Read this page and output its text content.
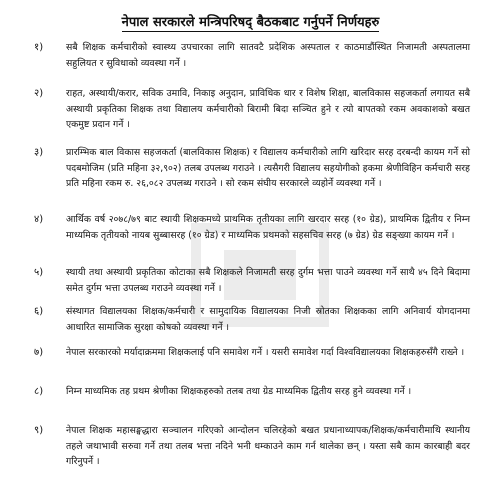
नेपाल सरकारले मन्त्रिपरिषद् बैठकबाट गर्नुपर्ने निर्णयहरु
१) सबै शिक्षक कर्मचारीको स्वास्थ्य उपचारका लागि सातवटै प्रदेशिक अस्पताल र काठमाडौंस्थित निजामती अस्पतालमा सहुलियत र सुविधाको व्यवस्था गर्ने ।
२) राहत, अस्थायी/करार, सविक उमावि, निकाइ अनुदान, प्राविधिक धार र विशेष शिक्षा, बालविकास सहजकर्ता लगायत सबै अस्थायी प्रकृतिका शिक्षक तथा विद्यालय कर्मचारीको बिरामी बिदा सञ्चित हुने र त्यो बापतको रकम अवकाशको बखत एकमुष्ट प्रदान गर्ने ।
३) प्रारम्भिक बाल विकास सहजकर्ता (बालविकास शिक्षक) र विद्यालय कर्मचारीको लागि खरिदार सरह दरबन्दी कायम गर्ने सो पदबमोजिम (प्रति महिना ३२,९०२) तलब उपलब्ध गराउने । त्यसैगरी विद्यालय सहयोगीको हकमा श्रेणीविहिन कर्मचारी सरह प्रति महिना रकम रु. २६,०८२ उपलब्ध गराउने । सो रकम संघीय सरकारले व्यहोर्ने व्यवस्था गर्ने ।
४) आर्थिक वर्ष २०७८/७९ बाट स्थायी शिक्षकमध्ये प्राथमिक तृतीयका लागि खरदार सरह (१० ग्रेड), प्राथमिक द्वितीय र निम्न माध्यमिक तृतीयको नायब सुब्बासरह (१० ग्रेड) र माध्यमिक प्रथमको सहसचिव सरह (७ ग्रेड) ग्रेड सङ्ख्या कायम गर्ने ।
५) स्थायी तथा अस्थायी प्रकृतिका कोटाका सबै शिक्षकले निजामती सरह दुर्गम भत्ता पाउने व्यवस्था गर्ने साथै ४५ दिने बिदामा समेत दुर्गम भत्ता उपलब्ध गराउने व्यवस्था गर्ने ।
६) संस्थागत विद्यालयका शिक्षक/कर्मचारी र सामुदायिक विद्यालयका निजी स्रोतका शिक्षकका लागि अनिवार्य योगदानमा आधारित सामाजिक सुरक्षा कोषको व्यवस्था गर्ने ।
७) नेपाल सरकारको मर्यादाक्रममा शिक्षकलाई पनि समावेश गर्ने । यसरी समावेश गर्दा विश्वविद्यालयका शिक्षकहरुसँगै राख्ने ।
८) निम्न माध्यमिक तह प्रथम श्रेणीका शिक्षकहरुको तलब तथा ग्रेड माध्यमिक द्वितीय सरह हुने व्यवस्था गर्ने ।
९) नेपाल शिक्षक महासङ्घद्धारा सञ्चालन गरिएको आन्दोलन चलिरहेको बखत प्रधानाध्यापक/शिक्षक/कर्मचारीमाथि स्थानीय तहले जथाभावी सरुवा गर्ने तथा तलब भत्ता नदिने भनी धम्काउने काम गर्न थालेका छन् । यस्ता सबै काम कारबाही बदर गरिनुपर्ने ।
